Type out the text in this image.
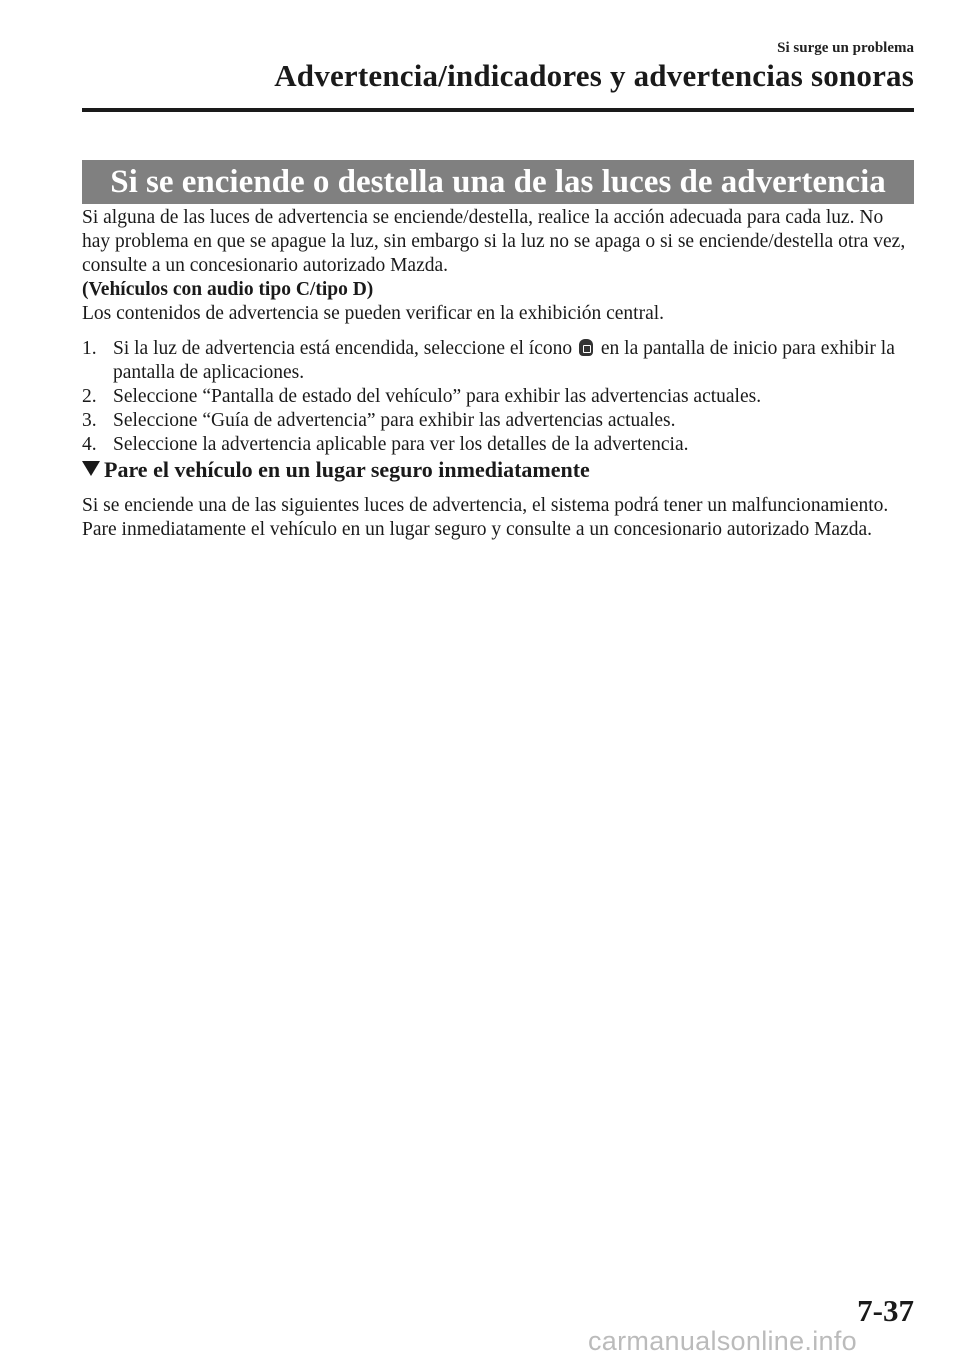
Si surge un problema
Advertencia/indicadores y advertencias sonoras
Si se enciende o destella una de las luces de advertencia

Si alguna de las luces de advertencia se enciende/destella, realice la acción adecuada para cada luz. No hay problema en que se apague la luz, sin embargo si la luz no se apaga o si se enciende/destella otra vez, consulte a un concesionario autorizado Mazda.

(Vehículos con audio tipo C/tipo D)

Los contenidos de advertencia se pueden verificar en la exhibición central.

1. Si la luz de advertencia está encendida, seleccione el ícono en la pantalla de inicio para exhibir la pantalla de aplicaciones.
2. Seleccione “Pantalla de estado del vehículo” para exhibir las advertencias actuales.
3. Seleccione “Guía de advertencia” para exhibir las advertencias actuales.
4. Seleccione la advertencia aplicable para ver los detalles de la advertencia.

Pare el vehículo en un lugar seguro inmediatamente

Si se enciende una de las siguientes luces de advertencia, el sistema podrá tener un malfuncionamiento. Pare inmediatamente el vehículo en un lugar seguro y consulte a un concesionario autorizado Mazda.

7-37
carmanualsonline.info
